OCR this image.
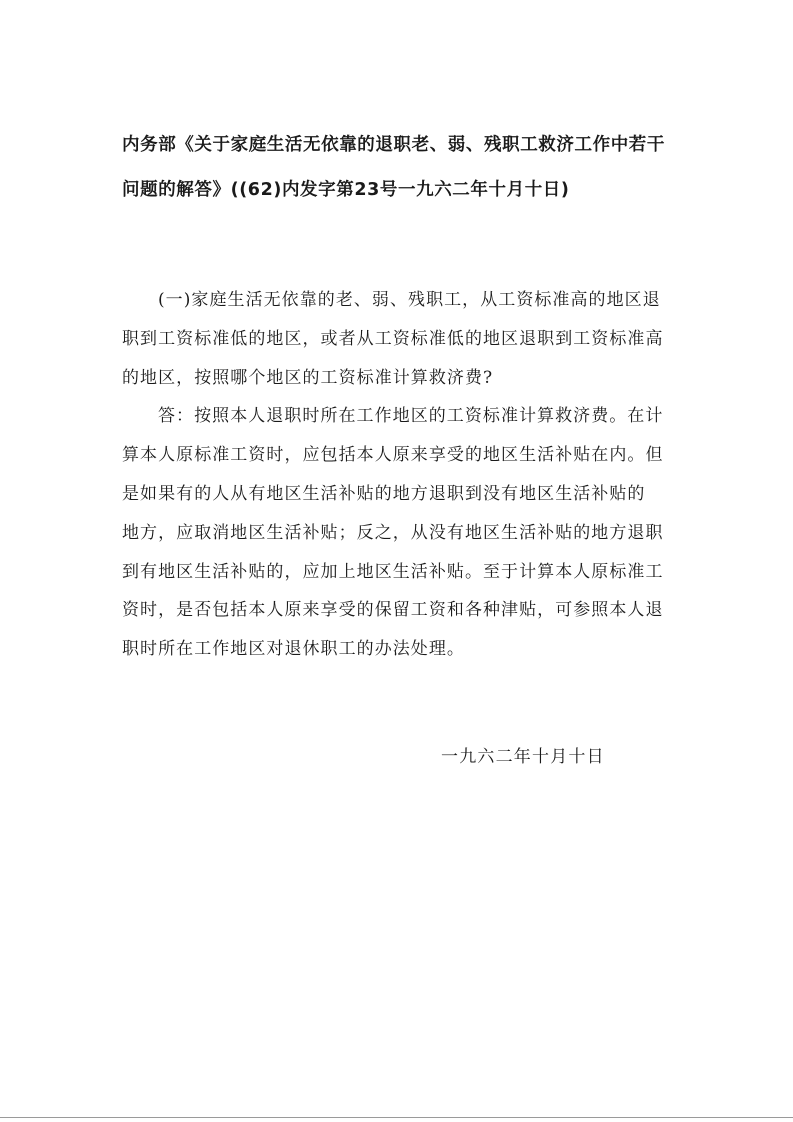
内务部《关于家庭生活无依靠的退职老、弱、残职工救济工作中若干
问题的解答》((62)内发字第23号一九六二年十月十日)
(一)家庭生活无依靠的老、弱、残职工，从工资标准高的地区退
职到工资标准低的地区，或者从工资标准低的地区退职到工资标准高
的地区，按照哪个地区的工资标准计算救济费?
答：按照本人退职时所在工作地区的工资标准计算救济费。在计
算本人原标准工资时，应包括本人原来享受的地区生活补贴在内。但
是如果有的人从有地区生活补贴的地方退职到没有地区生活补贴的
地方，应取消地区生活补贴；反之，从没有地区生活补贴的地方退职
到有地区生活补贴的，应加上地区生活补贴。至于计算本人原标准工
资时，是否包括本人原来享受的保留工资和各种津贴，可参照本人退
职时所在工作地区对退休职工的办法处理。
一九六二年十月十日
